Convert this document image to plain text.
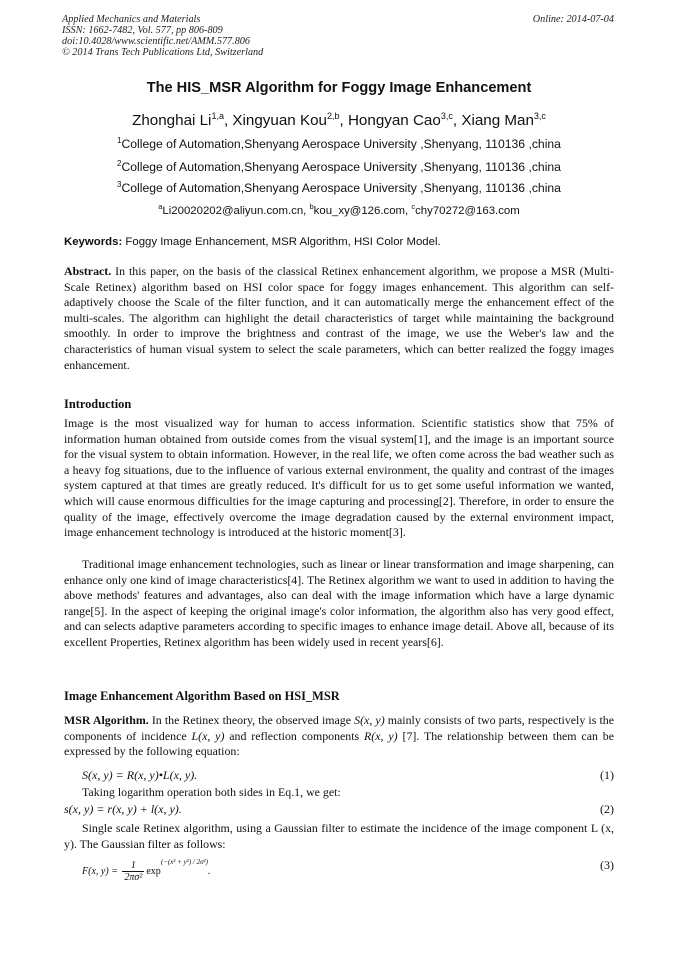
Applied Mechanics and Materials
ISSN: 1662-7482, Vol. 577, pp 806-809
doi:10.4028/www.scientific.net/AMM.577.806
© 2014 Trans Tech Publications Ltd, Switzerland
Online: 2014-07-04
The HIS_MSR Algorithm for Foggy Image Enhancement
Zhonghai Li$^{1,a}$, Xingyuan Kou$^{2,b}$, Hongyan Cao$^{3,c}$, Xiang Man$^{3,c}$
$^1$College of Automation,Shenyang Aerospace University ,Shenyang, 110136 ,china
$^2$College of Automation,Shenyang Aerospace University ,Shenyang, 110136 ,china
$^3$College of Automation,Shenyang Aerospace University ,Shenyang, 110136 ,china
$^a$Li20020202@aliyun.com.cn, $^b$kou_xy@126.com, $^c$chy70272@163.com
Keywords: Foggy Image Enhancement, MSR Algorithm, HSI Color Model.
Abstract. In this paper, on the basis of the classical Retinex enhancement algorithm, we propose a MSR (Multi-Scale Retinex) algorithm based on HSI color space for foggy images enhancement. This algorithm can self-adaptively choose the Scale of the filter function, and it can automatically merge the enhancement effect of the multi-scales. The algorithm can highlight the detail characteristics of target while maintaining the background smoothly. In order to improve the brightness and contrast of the image, we use the Weber's law and the characteristics of human visual system to select the scale parameters, which can better realized the foggy images enhancement.
Introduction
Image is the most visualized way for human to access information. Scientific statistics show that 75% of information human obtained from outside comes from the visual system[1], and the image is an important source for the visual system to obtain information. However, in the real life, we often come across the bad weather such as a heavy fog situations, due to the influence of various external environment, the quality and contrast of the images system captured at that times are greatly reduced. It's difficult for us to get some useful information we wanted, which will cause enormous difficulties for the image capturing and processing[2]. Therefore, in order to ensure the quality of the image, effectively overcome the image degradation caused by the external environment impact, image enhancement technology is introduced at the historic moment[3].
Traditional image enhancement technologies, such as linear or linear transformation and image sharpening, can enhance only one kind of image characteristics[4]. The Retinex algorithm we want to used in addition to having the above methods' features and advantages, also can deal with the image information which have a large dynamic range[5]. In the aspect of keeping the original image's color information, the algorithm also has very good effect, and can selects adaptive parameters according to specific images to enhance image detail. Above all, because of its excellent Properties, Retinex algorithm has been widely used in recent years[6].
Image Enhancement Algorithm Based on HSI_MSR
MSR Algorithm. In the Retinex theory, the observed image S(x, y) mainly consists of two parts, respectively is the components of incidence L(x, y) and reflection components R(x, y) [7]. The relationship between them can be expressed by the following equation:
S(x, y) = R(x, y)•L(x, y).	(1)
Taking logarithm operation both sides in Eq.1, we get:
s(x, y) = r(x, y) + l(x, y).	(2)
Single scale Retinex algorithm, using a Gaussian filter to estimate the incidence of the image component L (x, y). The Gaussian filter as follows:
F(x, $y) = \frac{1}{\text{2πσ²}} \exp^{(-(x^2 + y^2) / 2\sigma^2)}$.	(3)
